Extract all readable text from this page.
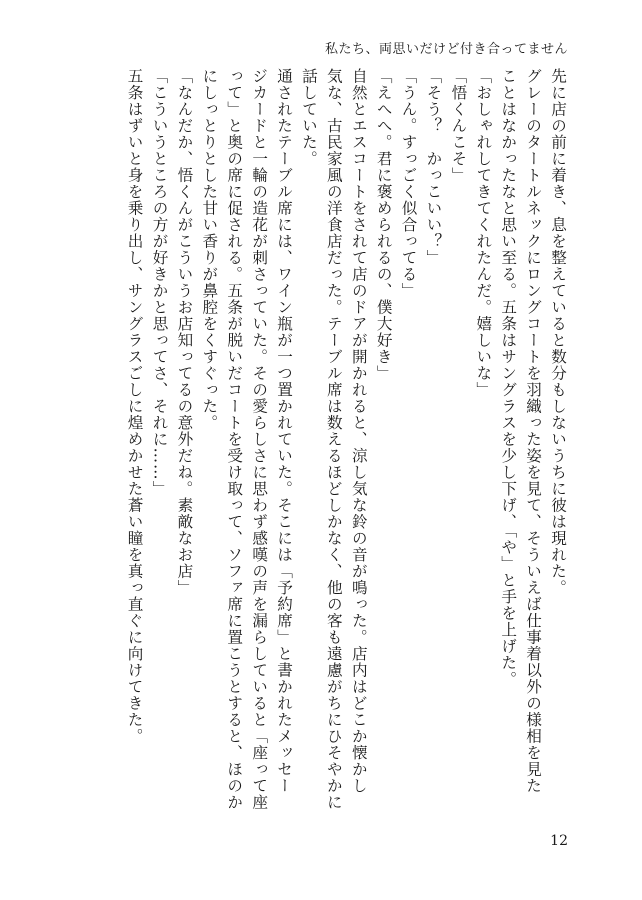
私たち、両思いだけど付き合ってません
先に店の前に着き、息を整えていると数分もしないうちに彼は現れた。
グレーのタートルネックにロングコートを羽織った姿を見て、そういえば仕事着以外の様相を見た
ことはなかったなと思い至る。五条はサングラスを少し下げ、「や」と手を上げた。
「おしゃれしてきてくれたんだ。嬉しいな」
「悟くんこそ」
「そう？　かっこいい？」
「うん。すっごく似合ってる」
「えへへ。君に褒められるの、僕大好き」
自然とエスコートをされて店のドアが開かれると、涼し気な鈴の音が鳴った。店内はどこか懐かし
気な、古民家風の洋食店だった。テーブル席は数えるほどしかなく、他の客も遠慮がちにひそやかに
話していた。
通されたテーブル席には、ワイン瓶が一つ置かれていた。そこには「予約席」と書かれたメッセー
ジカードと一輪の造花が刺さっていた。その愛らしさに思わず感嘆の声を漏らしていると「座って座
って」と奥の席に促される。五条が脱いだコートを受け取って、ソファ席に置こうとすると、ほのか
にしっとりとした甘い香りが鼻腔をくすぐった。
「なんだか、悟くんがこういうお店知ってるの意外だね。素敵なお店」
「こういうところの方が好きかと思ってさ、それに……」
五条はずいと身を乗り出し、サングラスごしに煌めかせた蒼い瞳を真っ直ぐに向けてきた。
12
